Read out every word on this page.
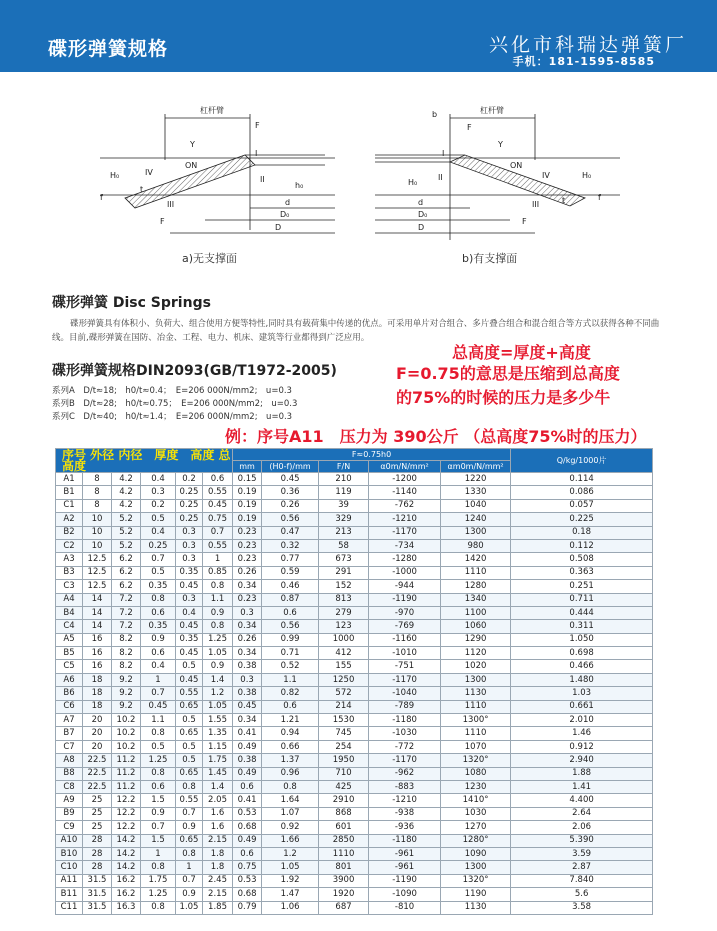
碟形弹簧规格	兴化市科瑞达弹簧厂
手机：181-1595-8585
杠杆臂
F
Y
ON
I
II
III
IV
H₀
h₀
t
f
F
d
D₀
D
a)无支撑面
杠杆臂
b
F
Y
ON
I
II
III
IV
H₀
H₀
t	f
F
d
D₀
D
b)有支撑面
碟形弹簧 Disc Springs
碟形弹簧具有体积小、负荷大、组合使用方便等特性,同时具有载荷集中传递的优点。可采用单片对合组合、多片叠合组合和混合组合等方式以获得各种不同曲线。目前,碟形弹簧在国防、冶金、工程、电力、机床、建筑等行业都得到广泛应用。
碟形弹簧规格DIN2093(GB/T1972-2005)
系列A　D/t≈18;　h0/t≈0.4；　E=206 000N/mm2;　u=0.3
系列B　D/t≈28;　h0/t≈0.75；　E=206 000N/mm2;　u=0.3
系列C　D/t≈40;　h0/t≈1.4；　E=206 000N/mm2;　u=0.3
总高度=厚度+高度
F=0.75的意思是压缩到总高度
的75%的时候的压力是多少牛
例：序号A11　压力为 390公斤 （总高度75%时的压力）
序号 外径 内径　厚度　高度 总高度						F≈0.75h0					Q/kg/1000片
						mm	(H0-f)/mm	F/N	α0m/N/mm²	αm0m/N/mm²	
A1	8	4.2	0.4	0.2	0.6	0.15	0.45	210	-1200	1220	0.114
B1	8	4.2	0.3	0.25	0.55	0.19	0.36	119	-1140	1330	0.086
C1	8	4.2	0.2	0.25	0.45	0.19	0.26	39	-762	1040	0.057
A2	10	5.2	0.5	0.25	0.75	0.19	0.56	329	-1210	1240	0.225
B2	10	5.2	0.4	0.3	0.7	0.23	0.47	213	-1170	1300	0.18
C2	10	5.2	0.25	0.3	0.55	0.23	0.32	58	-734	980	0.112
A3	12.5	6.2	0.7	0.3	1	0.23	0.77	673	-1280	1420	0.508
B3	12.5	6.2	0.5	0.35	0.85	0.26	0.59	291	-1000	1110	0.363
C3	12.5	6.2	0.35	0.45	0.8	0.34	0.46	152	-944	1280	0.251
A4	14	7.2	0.8	0.3	1.1	0.23	0.87	813	-1190	1340	0.711
B4	14	7.2	0.6	0.4	0.9	0.3	0.6	279	-970	1100	0.444
C4	14	7.2	0.35	0.45	0.8	0.34	0.56	123	-769	1060	0.311
A5	16	8.2	0.9	0.35	1.25	0.26	0.99	1000	-1160	1290	1.050
B5	16	8.2	0.6	0.45	1.05	0.34	0.71	412	-1010	1120	0.698
C5	16	8.2	0.4	0.5	0.9	0.38	0.52	155	-751	1020	0.466
A6	18	9.2	1	0.45	1.4	0.3	1.1	1250	-1170	1300	1.480
B6	18	9.2	0.7	0.55	1.2	0.38	0.82	572	-1040	1130	1.03
C6	18	9.2	0.45	0.65	1.05	0.45	0.6	214	-789	1110	0.661
A7	20	10.2	1.1	0.5	1.55	0.34	1.21	1530	-1180	1300°	2.010
B7	20	10.2	0.8	0.65	1.35	0.41	0.94	745	-1030	1110	1.46
C7	20	10.2	0.5	0.5	1.15	0.49	0.66	254	-772	1070	0.912
A8	22.5	11.2	1.25	0.5	1.75	0.38	1.37	1950	-1170	1320°	2.940
B8	22.5	11.2	0.8	0.65	1.45	0.49	0.96	710	-962	1080	1.88
C8	22.5	11.2	0.6	0.8	1.4	0.6	0.8	425	-883	1230	1.41
A9	25	12.2	1.5	0.55	2.05	0.41	1.64	2910	-1210	1410°	4.400
B9	25	12.2	0.9	0.7	1.6	0.53	1.07	868	-938	1030	2.64
C9	25	12.2	0.7	0.9	1.6	0.68	0.92	601	-936	1270	2.06
A10	28	14.2	1.5	0.65	2.15	0.49	1.66	2850	-1180	1280°	5.390
B10	28	14.2	1	0.8	1.8	0.6	1.2	1110	-961	1090	3.59
C10	28	14.2	0.8	1	1.8	0.75	1.05	801	-961	1300	2.87
A11	31.5	16.2	1.75	0.7	2.45	0.53	1.92	3900	-1190	1320°	7.840
B11	31.5	16.2	1.25	0.9	2.15	0.68	1.47	1920	-1090	1190	5.6
C11	31.5	16.3	0.8	1.05	1.85	0.79	1.06	687	-810	1130	3.58
